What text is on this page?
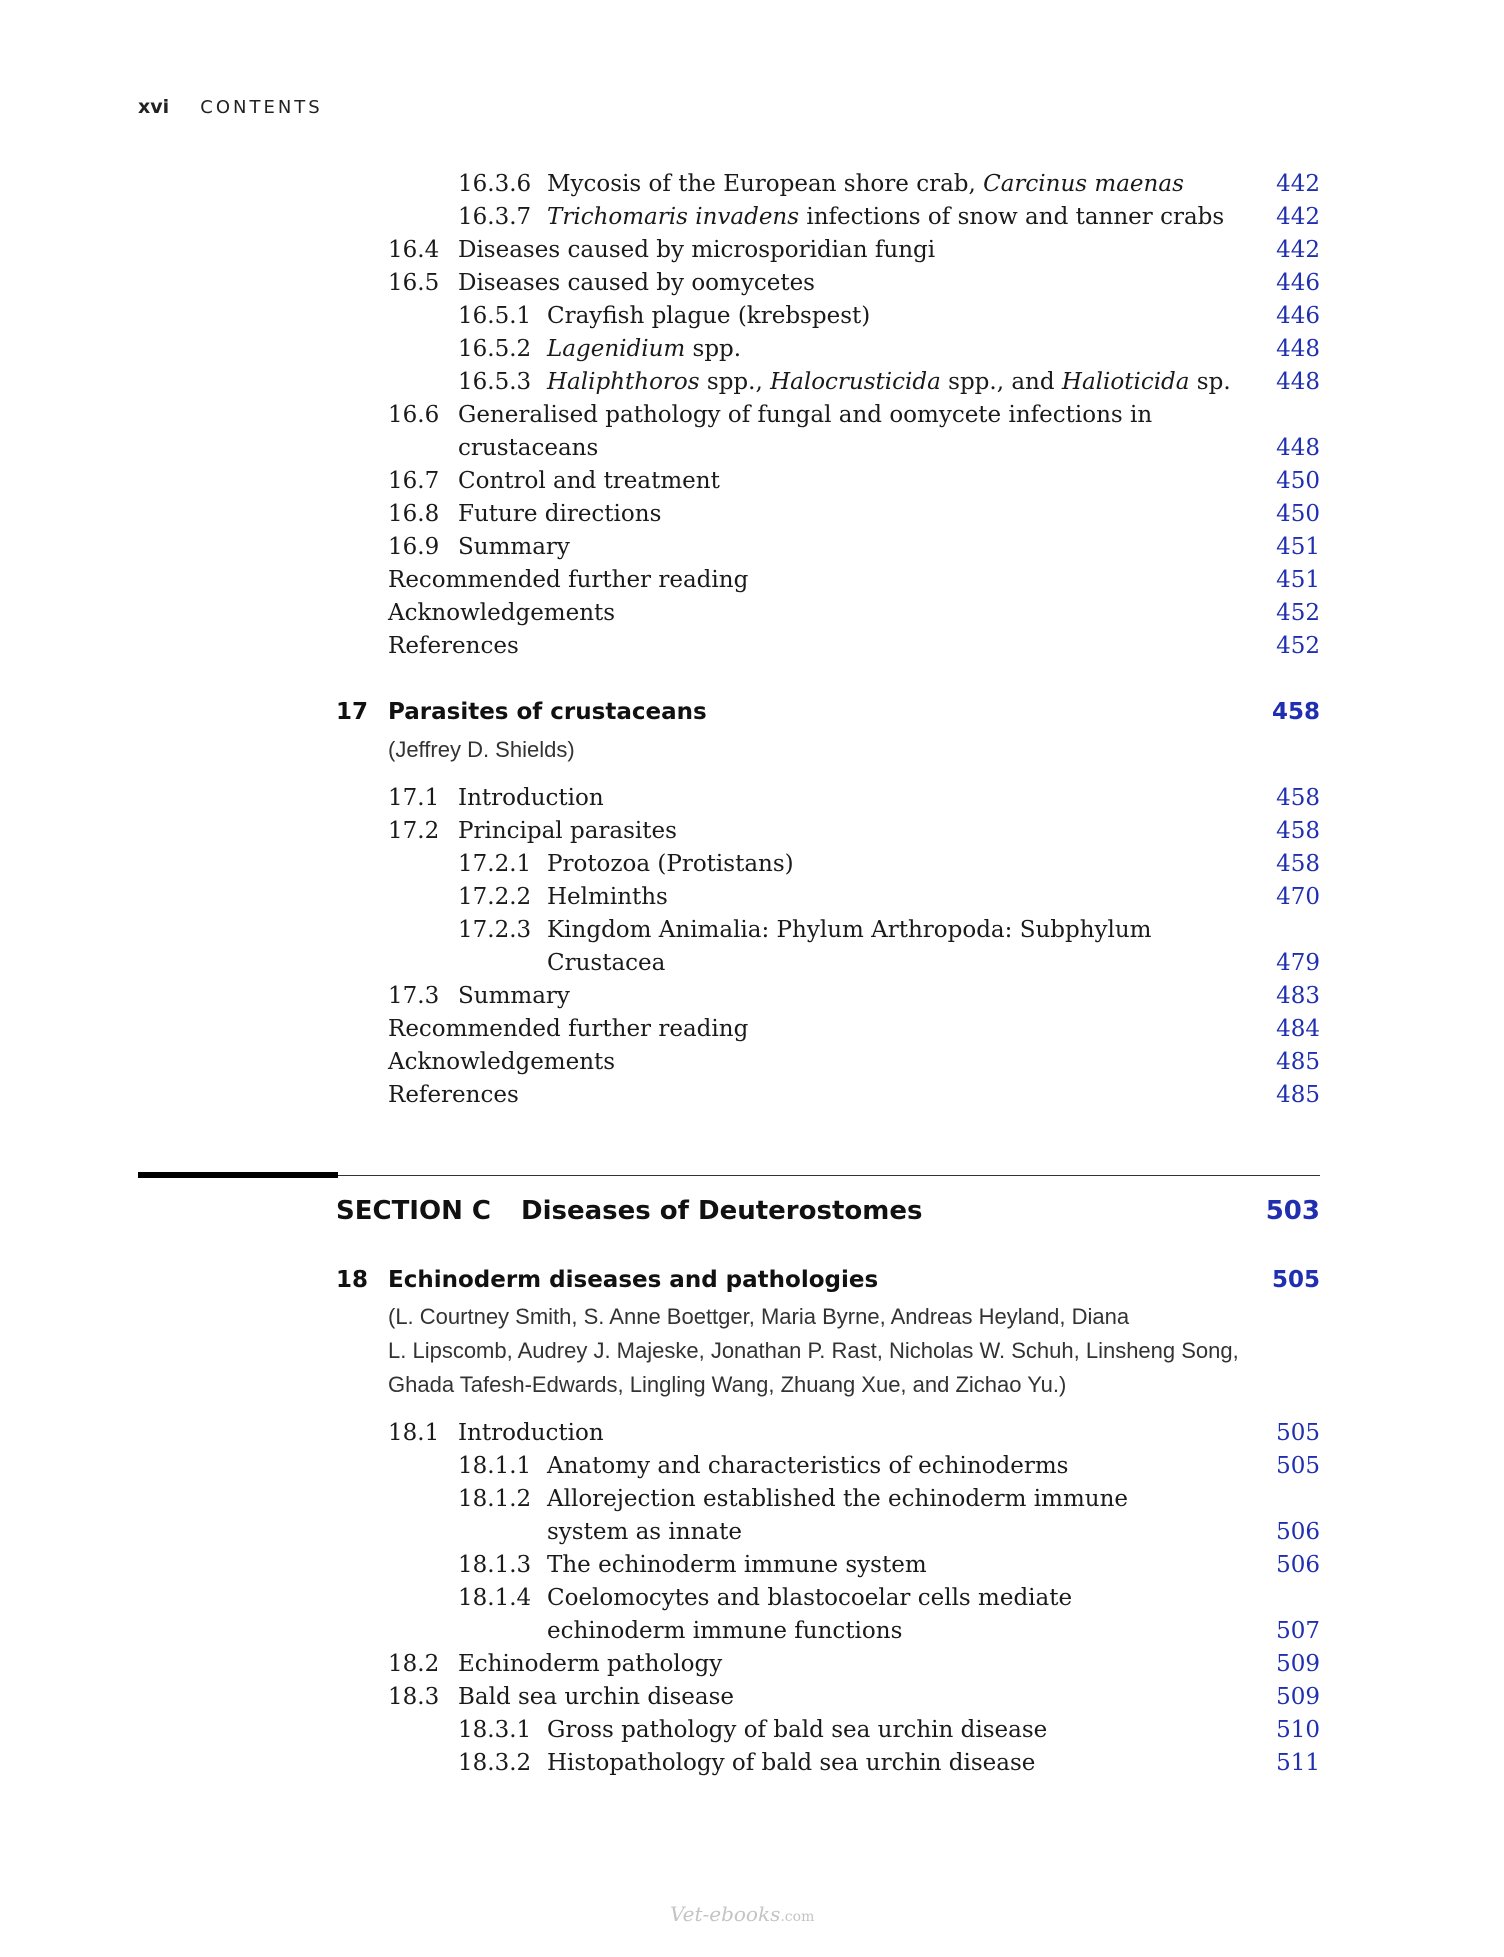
xvi CONTENTS
16.3.6 Mycosis of the European shore crab, Carcinus maenas	442
16.3.7 Trichomaris invadens infections of snow and tanner crabs 442
16.4 Diseases caused by microsporidian fungi	442
16.5 Diseases caused by oomycetes	446
16.5.1 Crayfish plague (krebspest)	446
16.5.2 Lagenidium spp.	448
16.5.3 Haliphthoros spp., Halocrusticida spp., and Halioticida sp. 448
16.6 Generalised pathology of fungal and oomycete infections in
crustaceans	448
16.7 Control and treatment	450
16.8 Future directions	450
16.9 Summary	451
Recommended further reading	451
Acknowledgements	452
References	452
17 Parasites of crustaceans	458
(Jeffrey D. Shields)
17.1 Introduction	458
17.2 Principal parasites	458
17.2.1 Protozoa (Protistans)	458
17.2.2 Helminths	470
17.2.3 Kingdom Animalia: Phylum Arthropoda: Subphylum
Crustacea	479
17.3 Summary	483
Recommended further reading	484
Acknowledgements	485
References	485
SECTION C Diseases of Deuterostomes	503
18 Echinoderm diseases and pathologies	505
(L. Courtney Smith, S. Anne Boettger, Maria Byrne, Andreas Heyland, Diana
L. Lipscomb, Audrey J. Majeske, Jonathan P. Rast, Nicholas W. Schuh, Linsheng Song,
Ghada Tafesh-Edwards, Lingling Wang, Zhuang Xue, and Zichao Yu.)
18.1 Introduction	505
18.1.1 Anatomy and characteristics of echinoderms	505
18.1.2 Allorejection established the echinoderm immune
system as innate	506
18.1.3 The echinoderm immune system	506
18.1.4 Coelomocytes and blastocoelar cells mediate
echinoderm immune functions	507
18.2 Echinoderm pathology	509
18.3 Bald sea urchin disease	509
18.3.1 Gross pathology of bald sea urchin disease	510
18.3.2 Histopathology of bald sea urchin disease	511
Vet-ebooks.com
